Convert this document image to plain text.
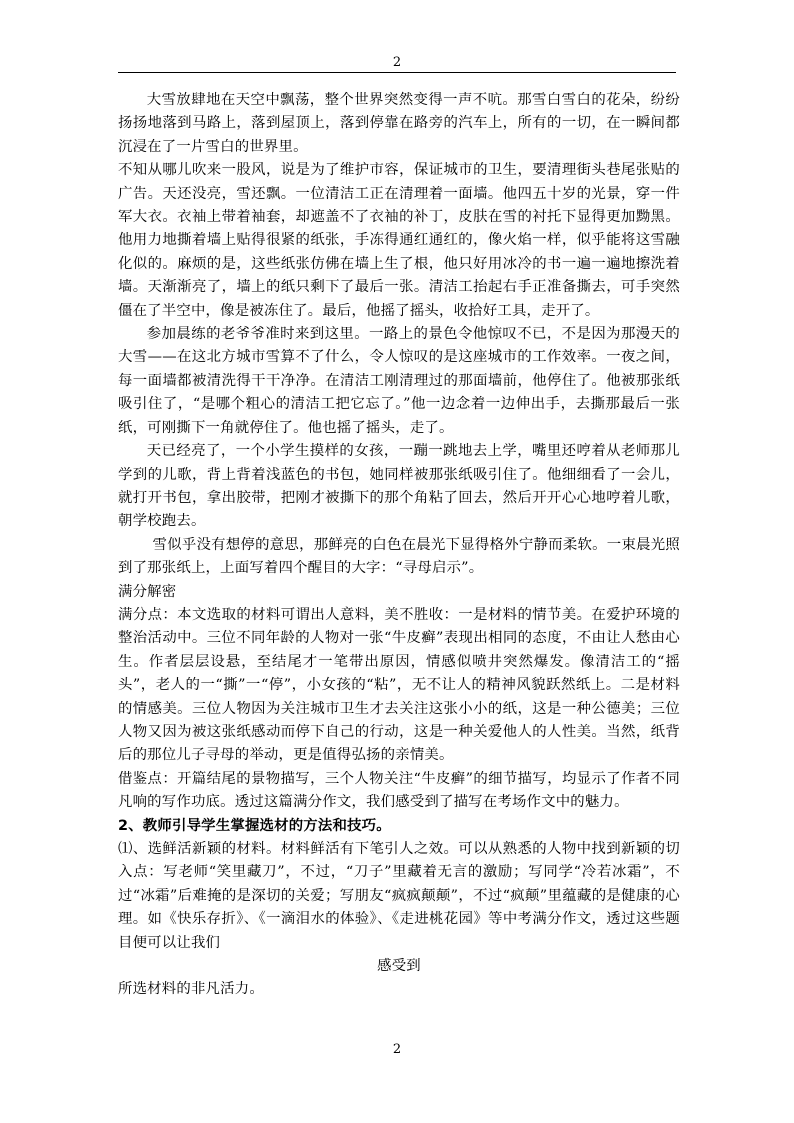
2

大雪放肆地在天空中飘荡，整个世界突然变得一声不吭。那雪白雪白的花朵，纷纷扬扬地落到马路上，落到屋顶上，落到停靠在路旁的汽车上，所有的一切，在一瞬间都沉浸在了一片雪白的世界里。

不知从哪儿吹来一股风，说是为了维护市容，保证城市的卫生，要清理街头巷尾张贴的广告。天还没亮，雪还飘。一位清洁工正在清理着一面墙。他四五十岁的光景，穿一件军大衣。衣袖上带着袖套，却遮盖不了衣袖的补丁，皮肤在雪的衬托下显得更加黝黑。他用力地撕着墙上贴得很紧的纸张，手冻得通红通红的，像火焰一样，似乎能将这雪融化似的。麻烦的是，这些纸张仿佛在墙上生了根，他只好用冰冷的书一遍一遍地擦洗着墙。天渐渐亮了，墙上的纸只剩下了最后一张。清洁工抬起右手正准备撕去，可手突然僵在了半空中，像是被冻住了。最后，他摇了摇头，收拾好工具，走开了。

参加晨练的老爷爷准时来到这里。一路上的景色令他惊叹不已，不是因为那漫天的大雪——在这北方城市雪算不了什么，令人惊叹的是这座城市的工作效率。一夜之间，每一面墙都被清洗得干干净净。在清洁工刚清理过的那面墙前，他停住了。他被那张纸吸引住了，“是哪个粗心的清洁工把它忘了。”他一边念着一边伸出手，去撕那最后一张纸，可刚撕下一角就停住了。他也摇了摇头，走了。

天已经亮了，一个小学生摸样的女孩，一蹦一跳地去上学，嘴里还哼着从老师那儿学到的儿歌，背上背着浅蓝色的书包，她同样被那张纸吸引住了。他细细看了一会儿，就打开书包，拿出胶带，把刚才被撕下的那个角粘了回去，然后开开心心地哼着儿歌，朝学校跑去。

雪似乎没有想停的意思，那鲜亮的白色在晨光下显得格外宁静而柔软。一束晨光照到了那张纸上，上面写着四个醒目的大字：“寻母启示”。

满分解密

满分点：本文选取的材料可谓出人意料，美不胜收：一是材料的情节美。在爱护环境的整治活动中。三位不同年龄的人物对一张“牛皮癣”表现出相同的态度，不由让人愁由心生。作者层层设悬，至结尾才一笔带出原因，情感似喷井突然爆发。像清洁工的“摇头”，老人的一“撕”一“停”，小女孩的“粘”，无不让人的精神风貌跃然纸上。二是材料的情感美。三位人物因为关注城市卫生才去关注这张小小的纸，这是一种公德美；三位人物又因为被这张纸感动而停下自己的行动，这是一种关爱他人的人性美。当然，纸背后的那位儿子寻母的举动，更是值得弘扬的亲情美。

借鉴点：开篇结尾的景物描写，三个人物关注“牛皮癣”的细节描写，均显示了作者不同凡响的写作功底。透过这篇满分作文，我们感受到了描写在考场作文中的魅力。

2、教师引导学生掌握选材的方法和技巧。

⑴、选鲜活新颖的材料。材料鲜活有下笔引人之效。可以从熟悉的人物中找到新颖的切入点：写老师“笑里藏刀”，不过，“刀子”里藏着无言的激励；写同学“冷若冰霜”，不过“冰霜”后难掩的是深切的关爱；写朋友“疯疯颠颠”，不过“疯颠”里蕴藏的是健康的心理。如《快乐存折》、《一滴泪水的体验》、《走进桃花园》等中考满分作文，透过这些题目便可以让我们

感受到

所选材料的非凡活力。

2
